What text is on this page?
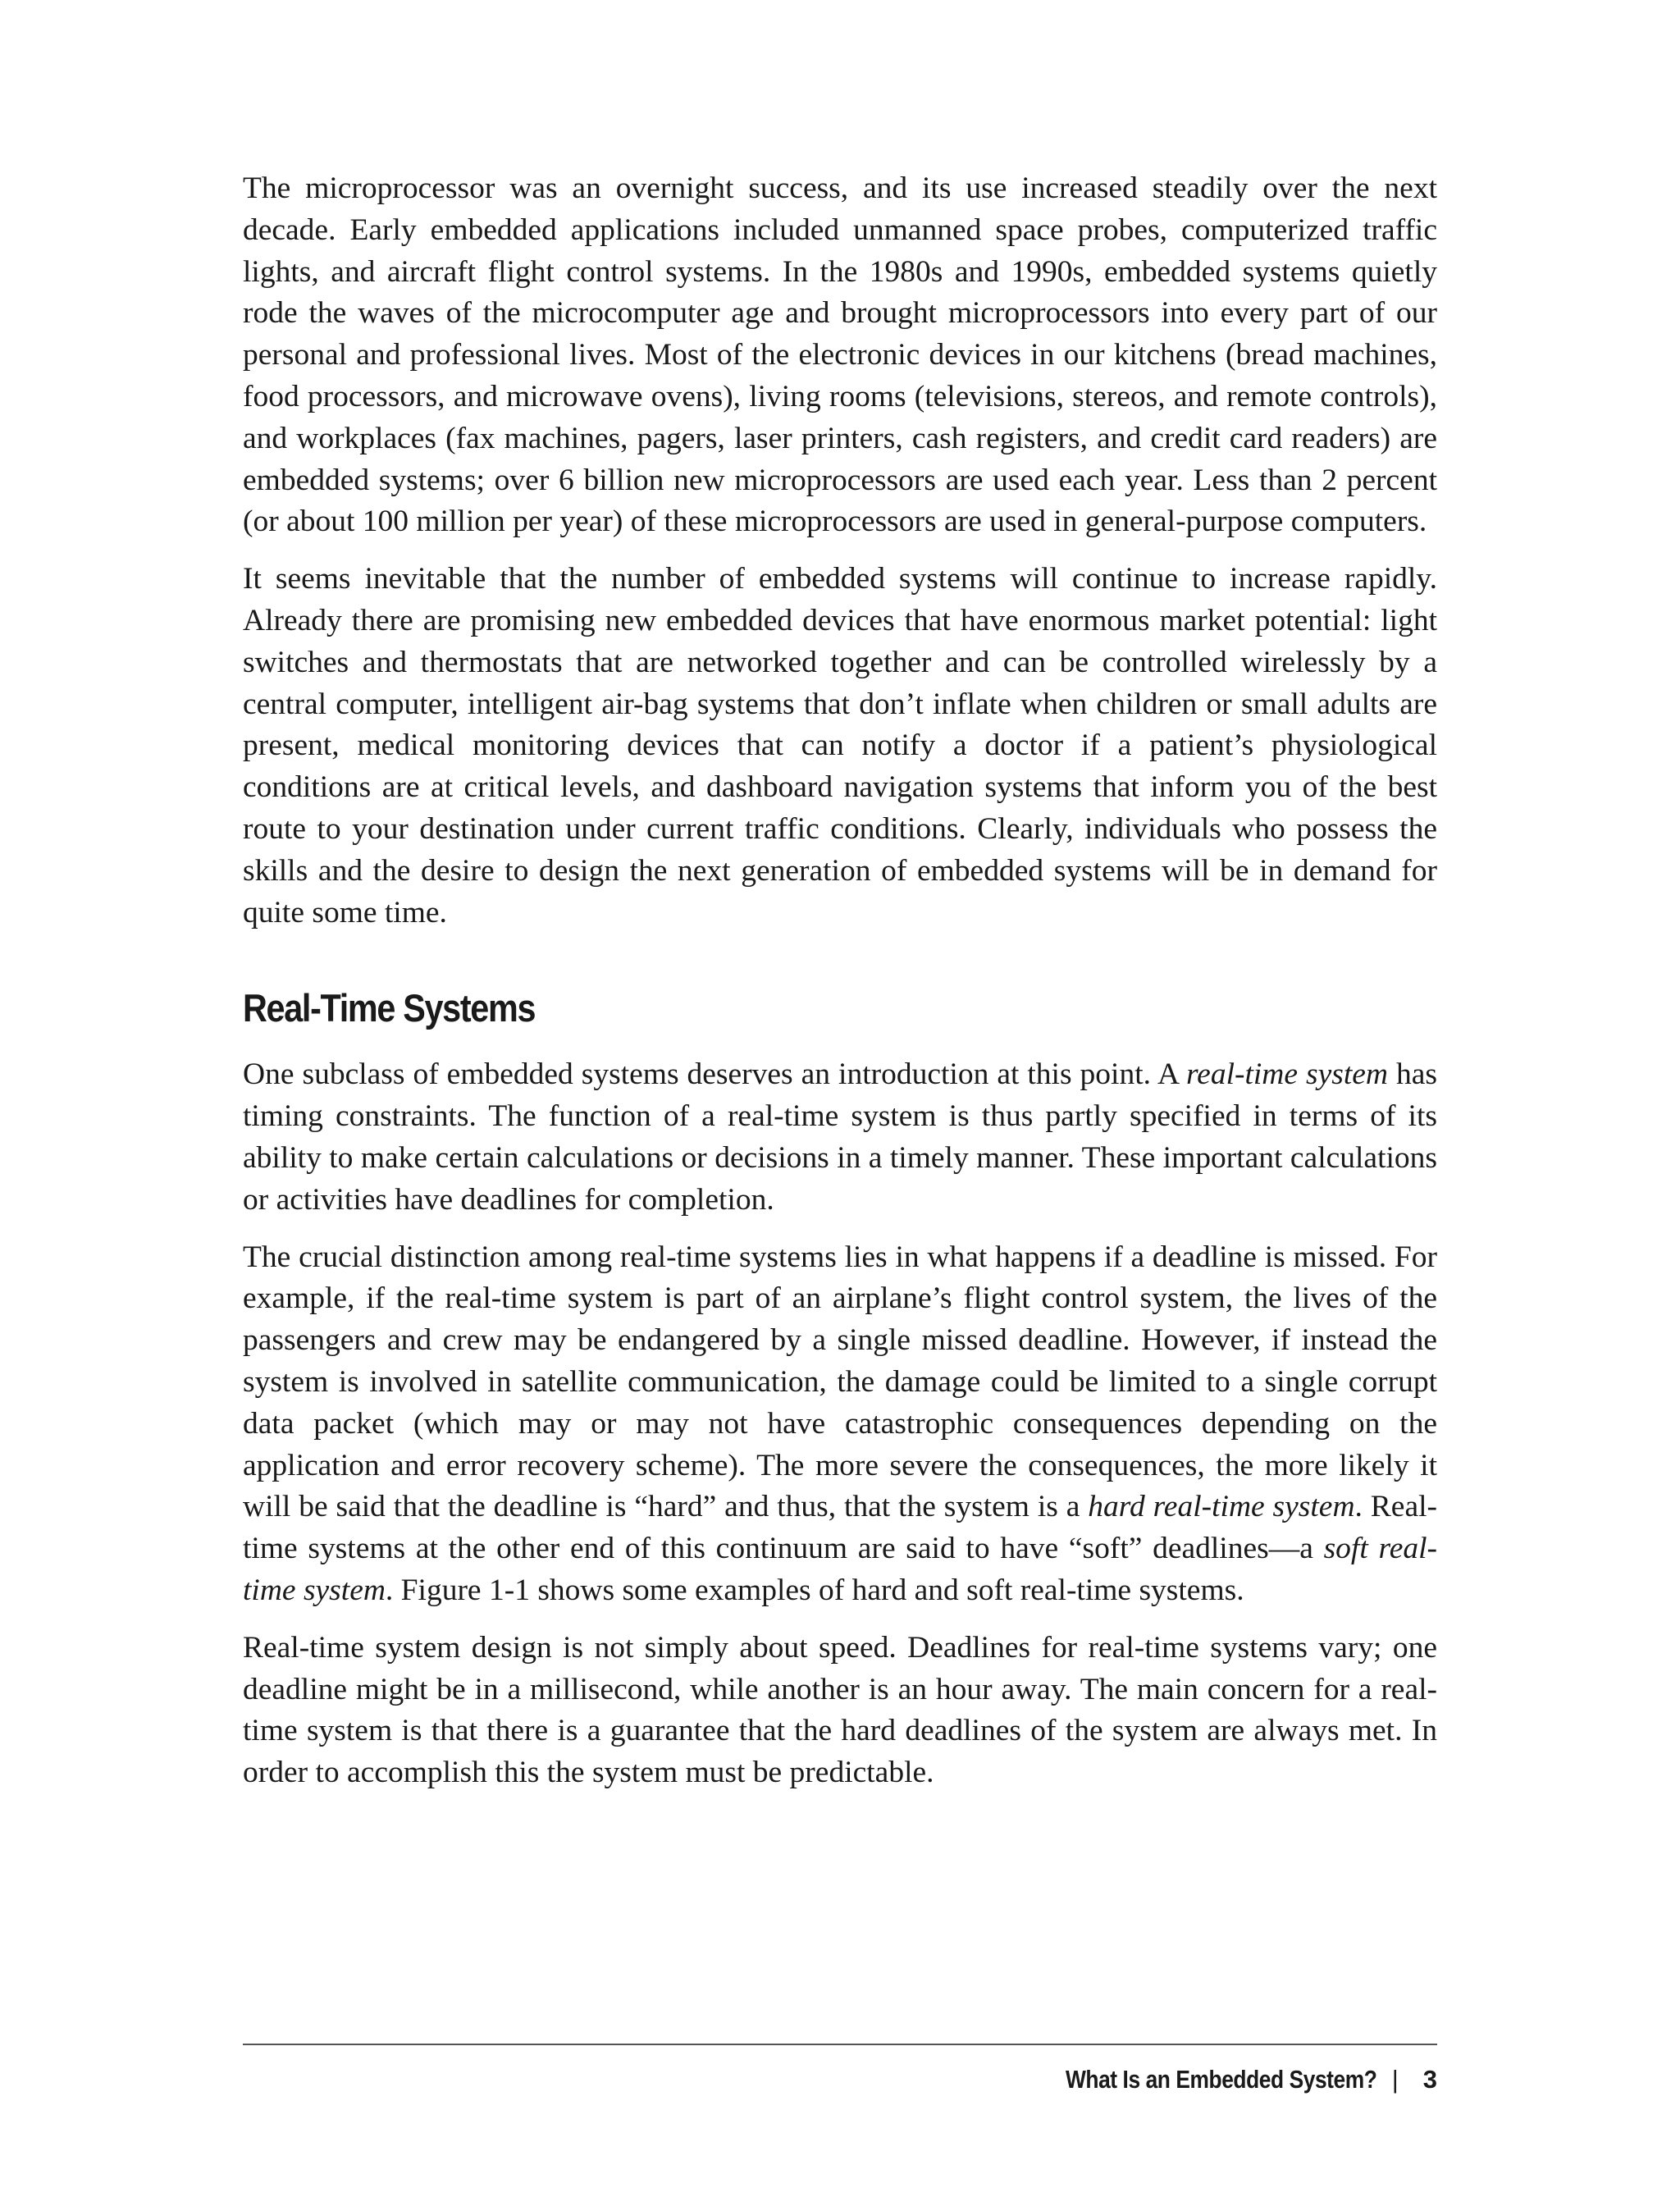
The microprocessor was an overnight success, and its use increased steadily over the next decade. Early embedded applications included unmanned space probes, computerized traffic lights, and aircraft flight control systems. In the 1980s and 1990s, embedded systems quietly rode the waves of the microcomputer age and brought microprocessors into every part of our personal and professional lives. Most of the electronic devices in our kitchens (bread machines, food processors, and microwave ovens), living rooms (televisions, stereos, and remote controls), and workplaces (fax machines, pagers, laser printers, cash registers, and credit card readers) are embedded systems; over 6 billion new microprocessors are used each year. Less than 2 percent (or about 100 million per year) of these microprocessors are used in general-purpose computers.

It seems inevitable that the number of embedded systems will continue to increase rapidly. Already there are promising new embedded devices that have enormous market potential: light switches and thermostats that are networked together and can be controlled wirelessly by a central computer, intelligent air-bag systems that don’t inflate when children or small adults are present, medical monitoring devices that can notify a doctor if a patient’s physiological conditions are at critical levels, and dashboard navigation systems that inform you of the best route to your destination under current traffic conditions. Clearly, individuals who possess the skills and the desire to design the next generation of embedded systems will be in demand for quite some time.

Real-Time Systems

One subclass of embedded systems deserves an introduction at this point. A real-time system has timing constraints. The function of a real-time system is thus partly specified in terms of its ability to make certain calculations or decisions in a timely manner. These important calculations or activities have deadlines for completion.

The crucial distinction among real-time systems lies in what happens if a deadline is missed. For example, if the real-time system is part of an airplane’s flight control system, the lives of the passengers and crew may be endangered by a single missed deadline. However, if instead the system is involved in satellite communication, the damage could be limited to a single corrupt data packet (which may or may not have catastrophic consequences depending on the application and error recovery scheme). The more severe the consequences, the more likely it will be said that the deadline is “hard” and thus, that the system is a hard real-time system. Real-time systems at the other end of this continuum are said to have “soft” deadlines—a soft real-time system. Figure 1-1 shows some examples of hard and soft real-time systems.

Real-time system design is not simply about speed. Deadlines for real-time systems vary; one deadline might be in a millisecond, while another is an hour away. The main concern for a real-time system is that there is a guarantee that the hard deadlines of the system are always met. In order to accomplish this the system must be predictable.

What Is an Embedded System? | 3
